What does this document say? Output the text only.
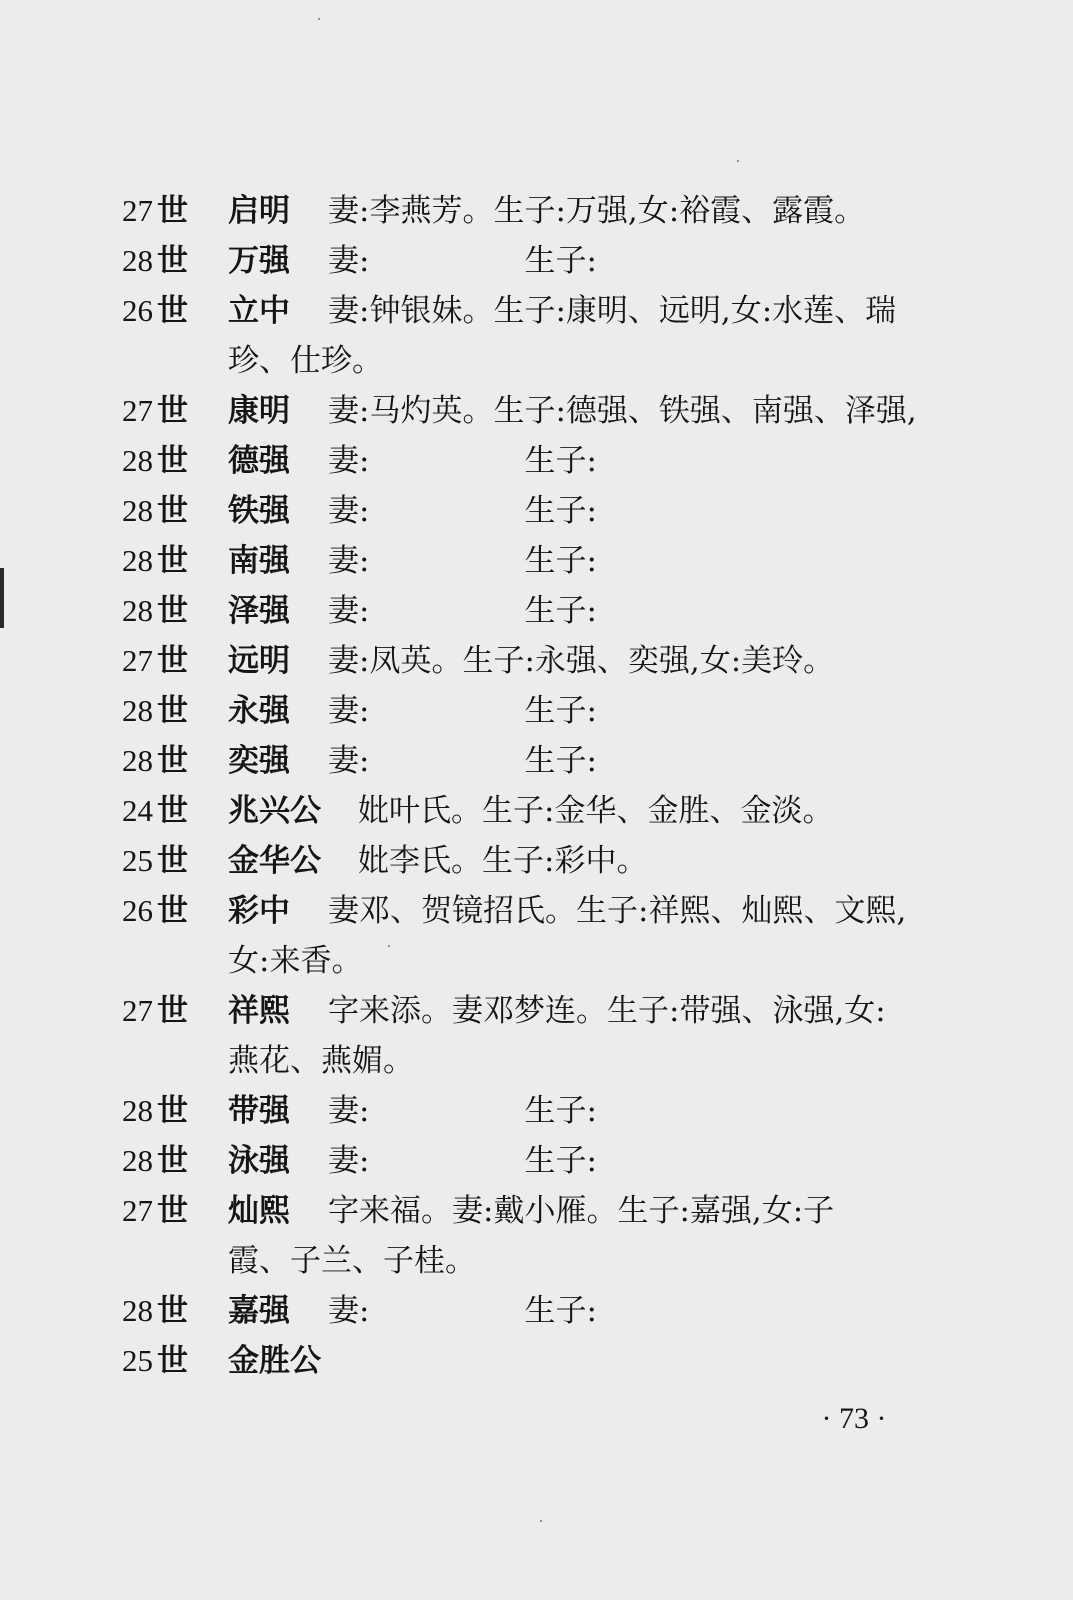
27 世 启明 妻:李燕芳。生子:万强,女:裕霞、露霞。
28 世 万强 妻:　　　　　生子:
26 世 立中 妻:钟银妹。生子:康明、远明,女:水莲、瑞
珍、仕珍。
27 世 康明 妻:马灼英。生子:德强、铁强、南强、泽强,
28 世 德强 妻:　　　　　生子:
28 世 铁强 妻:　　　　　生子:
28 世 南强 妻:　　　　　生子:
28 世 泽强 妻:　　　　　生子:
27 世 远明 妻:凤英。生子:永强、奕强,女:美玲。
28 世 永强 妻:　　　　　生子:
28 世 奕强 妻:　　　　　生子:
24 世 兆兴公 妣叶氏。生子:金华、金胜、金淡。
25 世 金华公 妣李氏。生子:彩中。
26 世 彩中 妻邓、贺镜招氏。生子:祥熙、灿熙、文熙,
女:来香。
27 世 祥熙 字来添。妻邓梦连。生子:带强、泳强,女:
燕花、燕媚。
28 世 带强 妻:　　　　　生子:
28 世 泳强 妻:　　　　　生子:
27 世 灿熙 字来福。妻:戴小雁。生子:嘉强,女:子
霞、子兰、子桂。
28 世 嘉强 妻:　　　　　生子:
25 世 金胜公
· 73 ·
